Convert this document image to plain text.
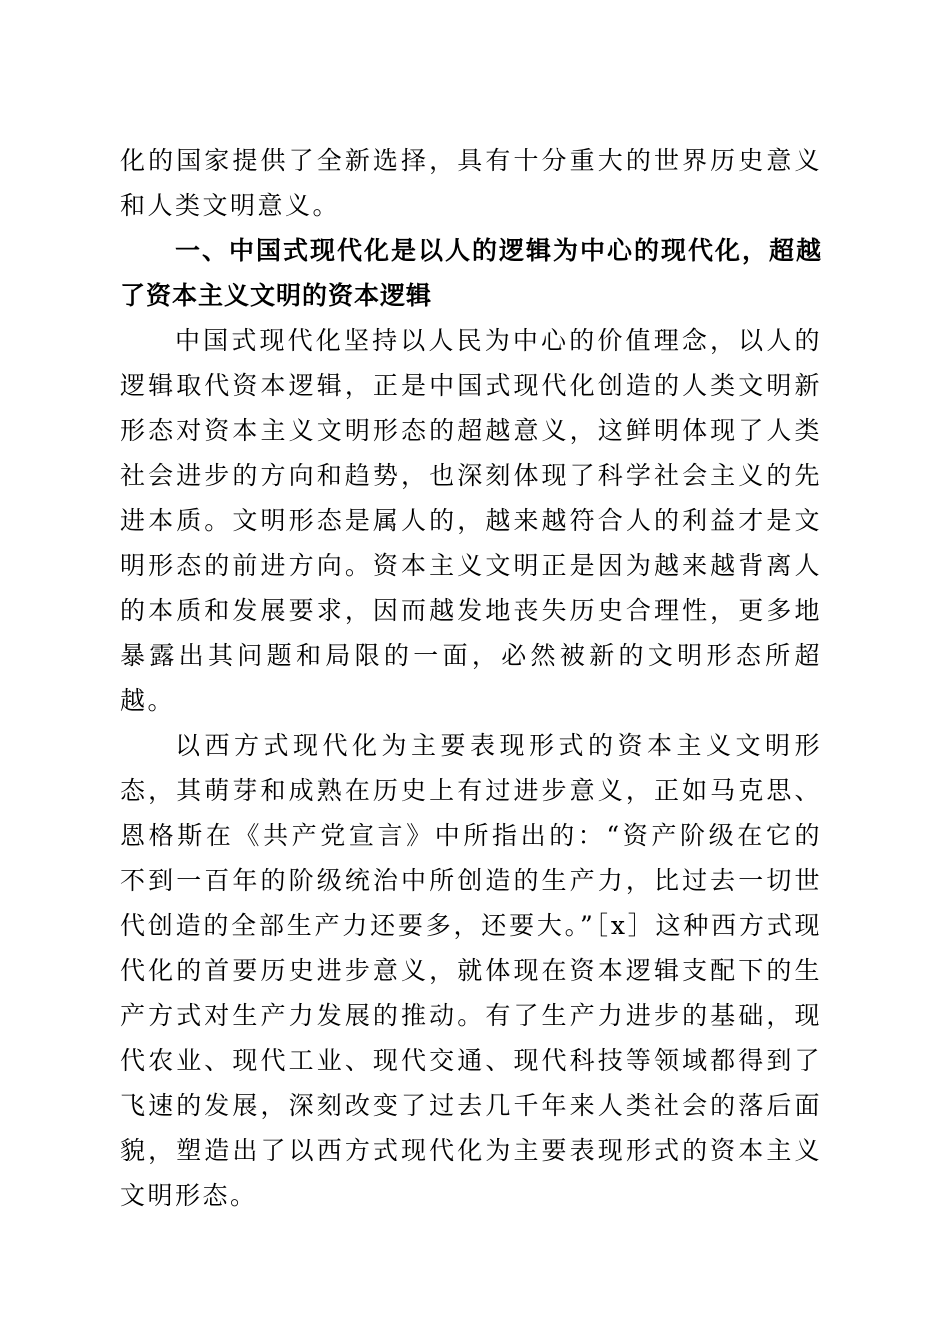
化的国家提供了全新选择，具有十分重大的世界历史意义和人类文明意义。

一、中国式现代化是以人的逻辑为中心的现代化，超越了资本主义文明的资本逻辑

中国式现代化坚持以人民为中心的价值理念，以人的逻辑取代资本逻辑，正是中国式现代化创造的人类文明新形态对资本主义文明形态的超越意义，这鲜明体现了人类社会进步的方向和趋势，也深刻体现了科学社会主义的先进本质。文明形态是属人的，越来越符合人的利益才是文明形态的前进方向。资本主义文明正是因为越来越背离人的本质和发展要求，因而越发地丧失历史合理性，更多地暴露出其问题和局限的一面，必然被新的文明形态所超越。

以西方式现代化为主要表现形式的资本主义文明形态，其萌芽和成熟在历史上有过进步意义，正如马克思、恩格斯在《共产党宣言》中所指出的：“资产阶级在它的不到一百年的阶级统治中所创造的生产力，比过去一切世代创造的全部生产力还要多，还要大。”［x］这种西方式现代化的首要历史进步意义，就体现在资本逻辑支配下的生产方式对生产力发展的推动。有了生产力进步的基础，现代农业、现代工业、现代交通、现代科技等领域都得到了飞速的发展，深刻改变了过去几千年来人类社会的落后面貌，塑造出了以西方式现代化为主要表现形式的资本主义文明形态。
